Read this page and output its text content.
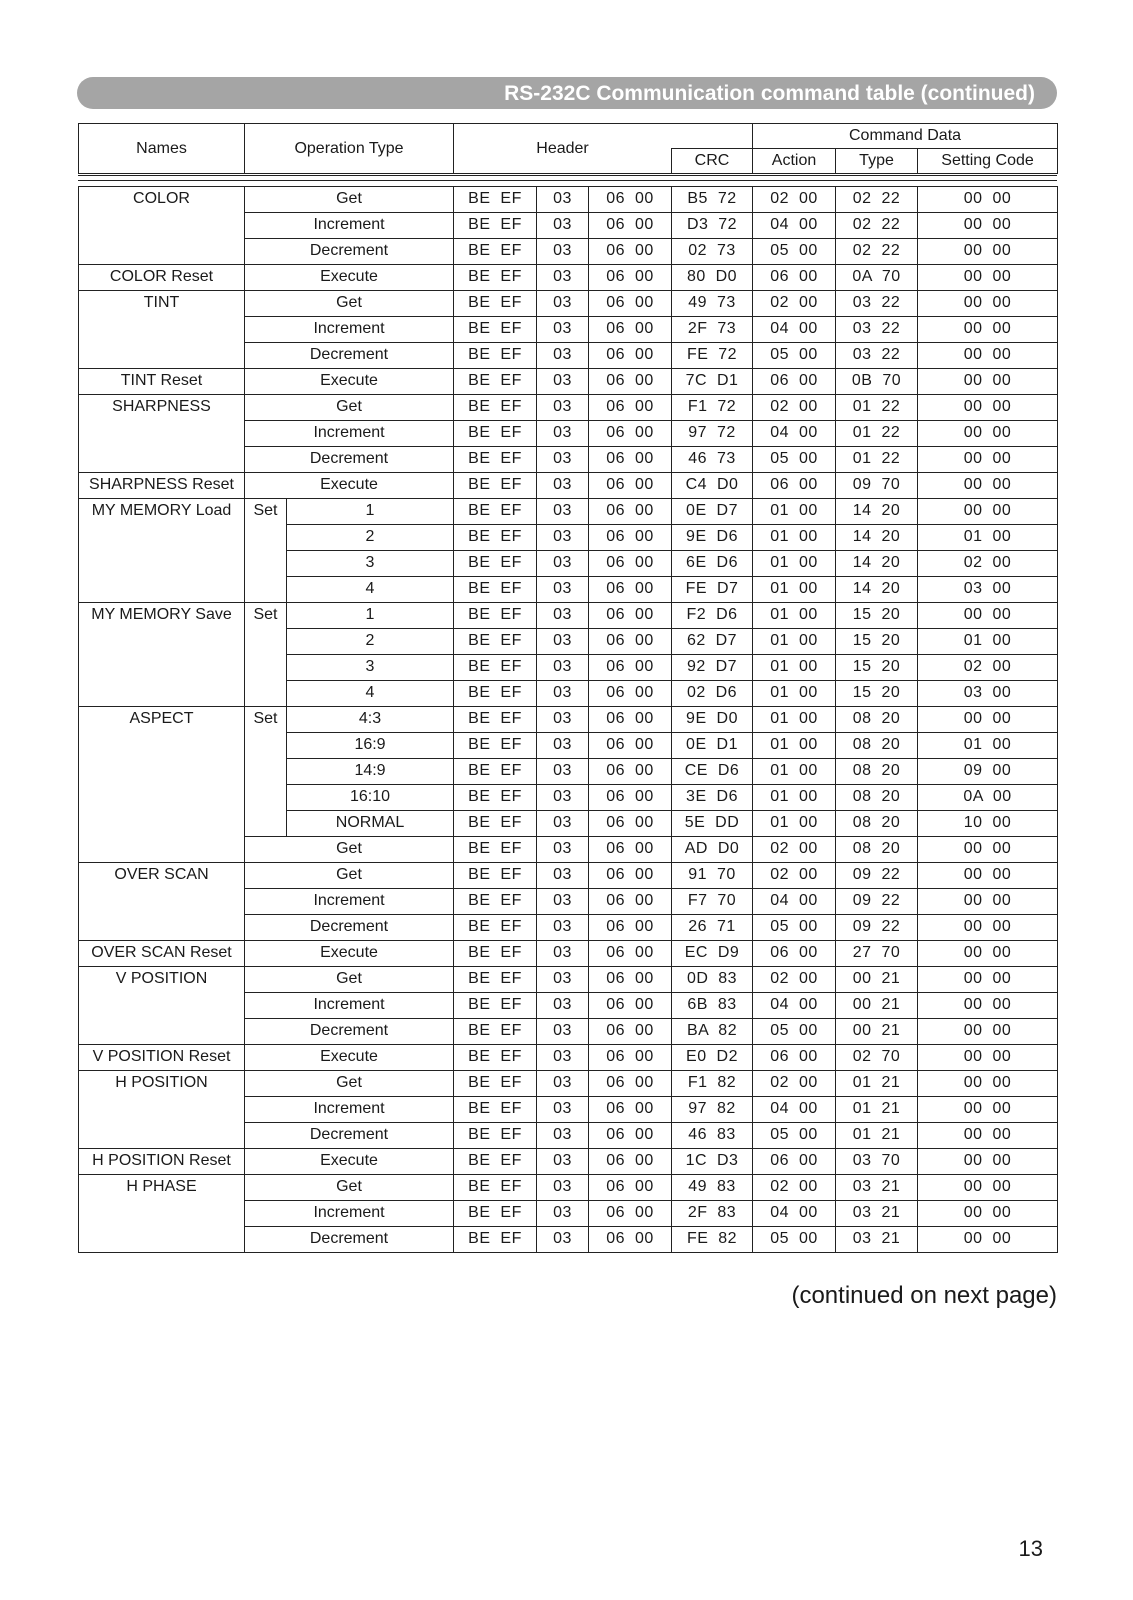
RS-232C Communication command table (continued)
Names	Operation Type	Header		Command Data		
			CRC	Action	Type	Setting Code
COLOR	Get		BE  EF	03	06  00	B5  72	02  00	02  22	00  00
	Increment		BE  EF	03	06  00	D3  72	04  00	02  22	00  00
	Decrement		BE  EF	03	06  00	02  73	05  00	02  22	00  00
COLOR Reset	Execute		BE  EF	03	06  00	80  D0	06  00	0A  70	00  00
TINT	Get		BE  EF	03	06  00	49  73	02  00	03  22	00  00
	Increment		BE  EF	03	06  00	2F  73	04  00	03  22	00  00
	Decrement		BE  EF	03	06  00	FE  72	05  00	03  22	00  00
TINT Reset	Execute		BE  EF	03	06  00	7C  D1	06  00	0B  70	00  00
SHARPNESS	Get		BE  EF	03	06  00	F1  72	02  00	01  22	00  00
	Increment		BE  EF	03	06  00	97  72	04  00	01  22	00  00
	Decrement		BE  EF	03	06  00	46  73	05  00	01  22	00  00
SHARPNESS Reset	Execute		BE  EF	03	06  00	C4  D0	06  00	09  70	00  00
MY MEMORY Load	Set	1	BE  EF	03	06  00	0E  D7	01  00	14  20	00  00
		2	BE  EF	03	06  00	9E  D6	01  00	14  20	01  00
		3	BE  EF	03	06  00	6E  D6	01  00	14  20	02  00
		4	BE  EF	03	06  00	FE  D7	01  00	14  20	03  00
MY MEMORY Save	Set	1	BE  EF	03	06  00	F2  D6	01  00	15  20	00  00
		2	BE  EF	03	06  00	62  D7	01  00	15  20	01  00
		3	BE  EF	03	06  00	92  D7	01  00	15  20	02  00
		4	BE  EF	03	06  00	02  D6	01  00	15  20	03  00
ASPECT	Set	4:3	BE  EF	03	06  00	9E  D0	01  00	08  20	00  00
		16:9	BE  EF	03	06  00	0E  D1	01  00	08  20	01  00
		14:9	BE  EF	03	06  00	CE  D6	01  00	08  20	09  00
		16:10	BE  EF	03	06  00	3E  D6	01  00	08  20	0A  00
		NORMAL	BE  EF	03	06  00	5E  DD	01  00	08  20	10  00
	Get		BE  EF	03	06  00	AD  D0	02  00	08  20	00  00
OVER SCAN	Get		BE  EF	03	06  00	91  70	02  00	09  22	00  00
	Increment		BE  EF	03	06  00	F7  70	04  00	09  22	00  00
	Decrement		BE  EF	03	06  00	26  71	05  00	09  22	00  00
OVER SCAN Reset	Execute		BE  EF	03	06  00	EC  D9	06  00	27  70	00  00
V POSITION	Get		BE  EF	03	06  00	0D  83	02  00	00  21	00  00
	Increment		BE  EF	03	06  00	6B  83	04  00	00  21	00  00
	Decrement		BE  EF	03	06  00	BA  82	05  00	00  21	00  00
V POSITION Reset	Execute		BE  EF	03	06  00	E0  D2	06  00	02  70	00  00
H POSITION	Get		BE  EF	03	06  00	F1  82	02  00	01  21	00  00
	Increment		BE  EF	03	06  00	97  82	04  00	01  21	00  00
	Decrement		BE  EF	03	06  00	46  83	05  00	01  21	00  00
H POSITION Reset	Execute		BE  EF	03	06  00	1C  D3	06  00	03  70	00  00
H PHASE	Get		BE  EF	03	06  00	49  83	02  00	03  21	00  00
	Increment		BE  EF	03	06  00	2F  83	04  00	03  21	00  00
	Decrement		BE  EF	03	06  00	FE  82	05  00	03  21	00  00
(continued on next page)
13
